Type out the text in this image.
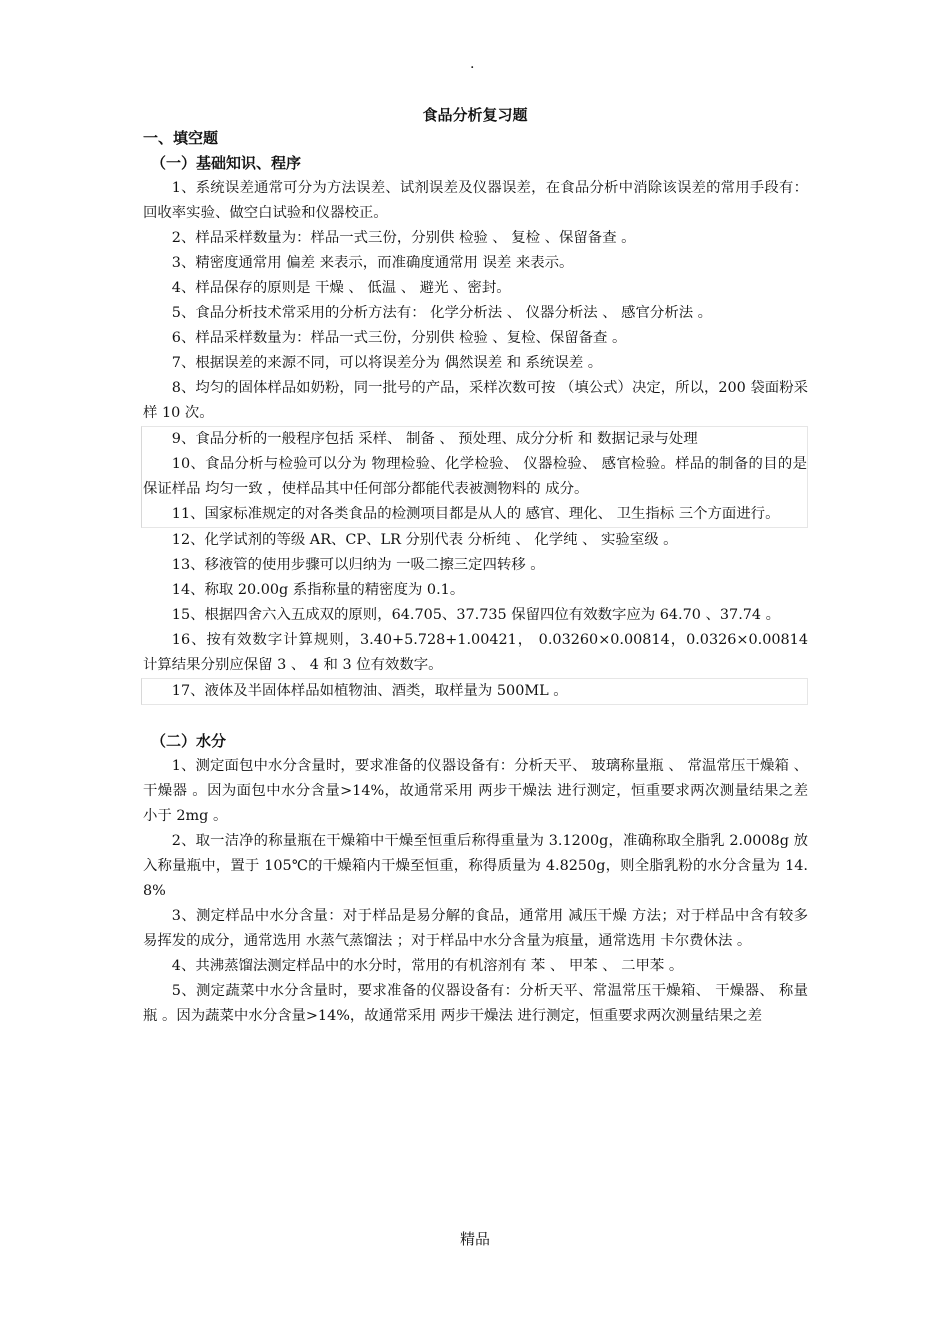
.
食品分析复习题

一、填空题

（一）基础知识、程序

1、系统误差通常可分为方法误差、试剂误差及仪器误差，在食品分析中消除该误差的常用手段有：回收率实验、做空白试验和仪器校正。

2、样品采样数量为：样品一式三份，分别供 检验 、 复检 、保留备查 。

3、精密度通常用 偏差 来表示，而准确度通常用 误差 来表示。

4、样品保存的原则是 干燥 、 低温 、 避光 、密封。

5、食品分析技术常采用的分析方法有： 化学分析法 、 仪器分析法 、 感官分析法 。

6、样品采样数量为：样品一式三份，分别供 检验 、复检、保留备查 。

7、根据误差的来源不同，可以将误差分为 偶然误差 和 系统误差 。

8、均匀的固体样品如奶粉，同一批号的产品，采样次数可按 （填公式）决定，所以，200 袋面粉采样 10 次。

9、食品分析的一般程序包括 采样、 制备 、 预处理、成分分析 和 数据记录与处理

10、食品分析与检验可以分为 物理检验、化学检验、 仪器检验、 感官检验。样品的制备的目的是保证样品 均匀一致 ，使样品其中任何部分都能代表被测物料的 成分。

11、国家标准规定的对各类食品的检测项目都是从人的 感官、理化、 卫生指标 三个方面进行。

12、化学试剂的等级 AR、CP、LR 分别代表 分析纯 、 化学纯 、 实验室级 。

13、移液管的使用步骤可以归纳为 一吸二擦三定四转移 。

14、称取 20.00g 系指称量的精密度为 0.1。

15、根据四舍六入五成双的原则，64.705、37.735 保留四位有效数字应为 64.70 、37.74 。

16、按有效数字计算规则，3.40+5.728+1.00421， 0.03260×0.00814，0.0326×0.00814 计算结果分别应保留 3 、 4 和 3 位有效数字。

17、液体及半固体样品如植物油、酒类，取样量为 500ML 。

（二）水分

1、测定面包中水分含量时，要求准备的仪器设备有：分析天平、 玻璃称量瓶 、 常温常压干燥箱 、 干燥器 。因为面包中水分含量>14%，故通常采用 两步干燥法 进行测定，恒重要求两次测量结果之差 小于 2mg 。

2、取一洁净的称量瓶在干燥箱中干燥至恒重后称得重量为 3.1200g，准确称取全脂乳 2.0008g 放入称量瓶中，置于 105℃的干燥箱内干燥至恒重，称得质量为 4.8250g，则全脂乳粉的水分含量为 14.8%

3、测定样品中水分含量：对于样品是易分解的食品，通常用 减压干燥 方法；对于样品中含有较多易挥发的成分，通常选用 水蒸气蒸馏法 ；对于样品中水分含量为痕量，通常选用 卡尔费休法 。

4、共沸蒸馏法测定样品中的水分时，常用的有机溶剂有 苯 、 甲苯 、 二甲苯 。

5、测定蔬菜中水分含量时，要求准备的仪器设备有：分析天平、常温常压干燥箱、 干燥器、 称量瓶 。因为蔬菜中水分含量>14%，故通常采用 两步干燥法 进行测定，恒重要求两次测量结果之差

精品
